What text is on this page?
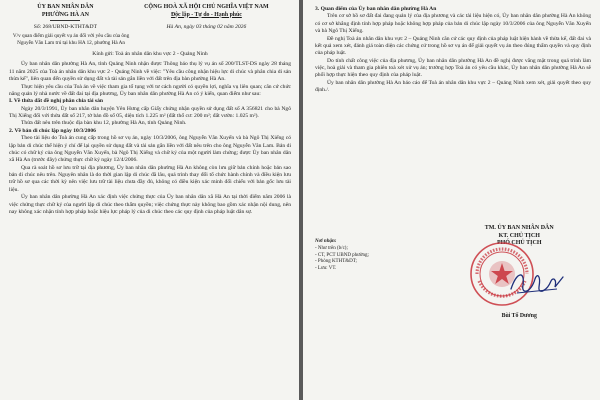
ỦY BAN NHÂN DÂN
PHƯỜNG HÀ AN
CỘNG HOÀ XÃ HỘI CHỦ NGHĨA VIỆT NAM
Độc lập - Tự do - Hạnh phúc
Số: 268/UBND-KTHT&DT	Hà An, ngày 03 tháng 02 năm 2026
V/v quan điểm giải quyết vụ án đối với yêu cầu của ông Nguyễn Văn Lam trú tại khu HA 12, phường Hà An
Kính gửi: Toà án nhân dân khu vực 2 - Quảng Ninh

Ủy ban nhân dân phường Hà An, tỉnh Quảng Ninh nhận được Thông báo thụ lý vụ án số 200/TLST-DS ngày 28 tháng 11 năm 2025 của Toà án nhân dân khu vực 2 - Quảng Ninh về việc: "Yêu cầu công nhận hiệu lực di chúc và phân chia di sản thừa kế", liên quan đến quyền sử dụng đất và tài sản gắn liền với đất trên địa bàn phường Hà An.

Thực hiện yêu cầu của Toà án về việc tham gia tố tụng với tư cách người có quyền lợi, nghĩa vụ liên quan; căn cứ chức năng quản lý nhà nước về đất đai tại địa phương, Ủy ban nhân dân phường Hà An có ý kiến, quan điểm như sau:

I. Về thửa đất đề nghị phân chia tài sản

Ngày 20/3/1991, Ủy ban nhân dân huyện Yên Hưng cấp Giấy chứng nhận quyền sử dụng đất số A 356821 cho bà Ngô Thị Xiếng đối với thửa đất số 217, tờ bản đồ số 05, diện tích 1.225 m² (đất thổ cư: 200 m²; đất vườn: 1.025 m²).

Thửa đất nêu trên thuộc địa bàn khu 12, phường Hà An, tỉnh Quảng Ninh.

2. Về bản di chúc lập ngày 10/3/2006

Theo tài liệu do Toà án cung cấp trong hồ sơ vụ án, ngày 10/3/2006, ông Nguyễn Văn Xuyến và bà Ngô Thị Xiếng có lập bản di chúc thể hiện ý chí để lại quyền sử dụng đất và tài sản gắn liền với đất nêu trên cho ông Nguyễn Văn Lam. Bản di chúc có chữ ký của ông Nguyễn Văn Xuyến, bà Ngô Thị Xiếng và chữ ký của một người làm chứng; được Ủy ban nhân dân xã Hà An (trước đây) chứng thực chữ ký ngày 12/4/2006.

Qua rà soát hồ sơ lưu trữ tại địa phương, Ủy ban nhân dân phường Hà An không còn lưu giữ bản chính hoặc bản sao bản di chúc nêu trên. Nguyên nhân là do thời gian lập di chúc đã lâu, quá trình thay đổi tổ chức hành chính và điều kiện lưu trữ hồ sơ qua các thời kỳ nên việc lưu trữ tài liệu chưa đầy đủ, không có điều kiện xác minh đối chiếu với bản gốc lưu tài liệu.

Ủy ban nhân dân phường Hà An xác định việc chứng thực của Ủy ban nhân dân xã Hà An tại thời điểm năm 2006 là việc chứng thực chữ ký của người lập di chúc theo thẩm quyền; việc chứng thực này không bao gồm xác nhận nội dung, nên nay không xác nhận tính hợp pháp hoặc hiệu lực pháp lý của di chúc theo các quy định của pháp luật dân sự.

3. Quan điểm của Ủy ban nhân dân phường Hà An

Trên cơ sở hồ sơ đất đai đang quản lý của địa phương và các tài liệu hiện có, Ủy ban nhân dân phường Hà An không có cơ sở khẳng định tính hợp pháp hoặc không hợp pháp của bản di chúc lập ngày 10/3/2006 của ông Nguyễn Văn Xuyến và bà Ngô Thị Xiếng.

Đề nghị Toà án nhân dân khu vực 2 – Quảng Ninh căn cứ các quy định của pháp luật hiện hành về thừa kế, đất đai và kết quả xem xét, đánh giá toàn diện các chứng cứ trong hồ sơ vụ án để giải quyết vụ án theo đúng thẩm quyền và quy định của pháp luật.

Do tính chất công việc của địa phương, Ủy ban nhân dân phường Hà An đề nghị được vắng mặt trong quá trình làm việc, hoà giải và tham gia phiên toà xét xử vụ án; trường hợp Toà án có yêu cầu khác, Ủy ban nhân dân phường Hà An sẽ phối hợp thực hiện theo quy định của pháp luật.

Ủy ban nhân dân phường Hà An báo cáo để Toà án nhân dân khu vực 2 – Quảng Ninh xem xét, giải quyết theo quy định./.

Nơi nhận:
- Như trên (b/c);
- CT, PCT UBND phường;
- Phòng KTHT&DT;
- Lưu: VT.
TM. ỦY BAN NHÂN DÂN
KT. CHỦ TỊCH
PHÓ CHỦ TỊCH
Bùi Tố Dương
